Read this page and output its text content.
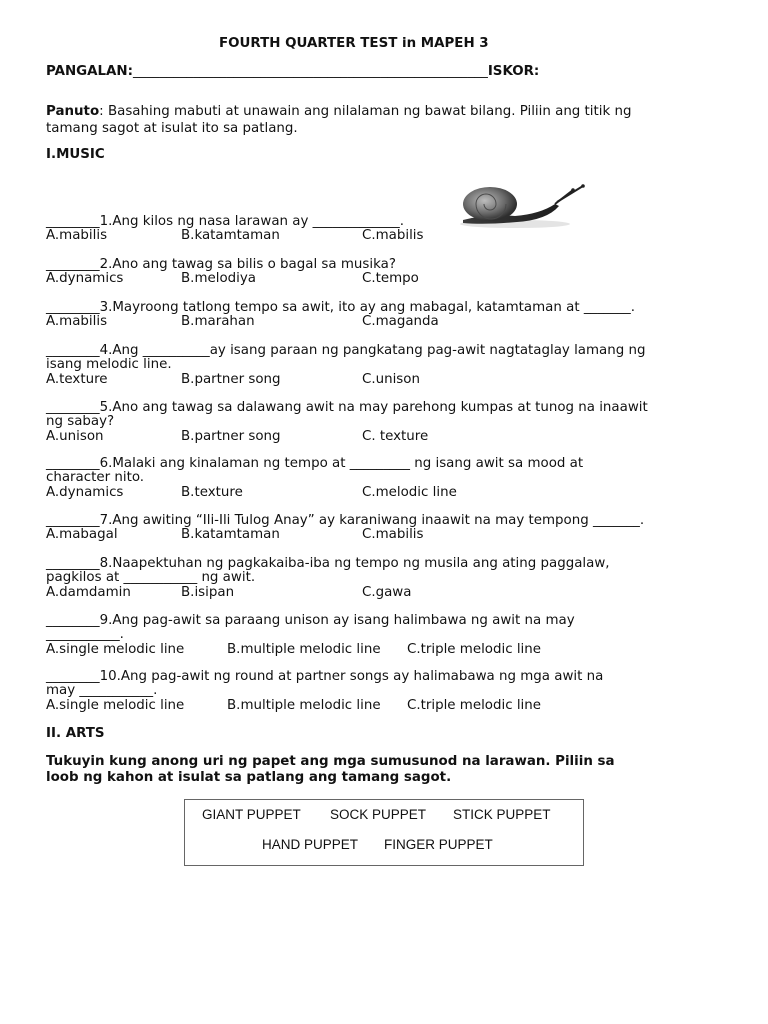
FOURTH QUARTER TEST in MAPEH 3
PANGALAN:_____________________________________________________ISKOR:
Panuto: Basahing mabuti at unawain ang nilalaman ng bawat bilang. Piliin ang titik ng
tamang sagot at isulat ito sa patlang.
I.MUSIC
________1.Ang kilos ng nasa larawan ay _____________.
A.mabilis	B.katamtaman	C.mabilis
________2.Ano ang tawag sa bilis o bagal sa musika?
A.dynamics	B.melodiya	C.tempo
________3.Mayroong tatlong tempo sa awit, ito ay ang mabagal, katamtaman at _______.
A.mabilis	B.marahan	C.maganda
________4.Ang __________ay isang paraan ng pangkatang pag-awit nagtataglay lamang ng
isang melodic line.
A.texture	B.partner song	C.unison
________5.Ano ang tawag sa dalawang awit na may parehong kumpas at tunog na inaawit
ng sabay?
A.unison	B.partner song	C. texture
________6.Malaki ang kinalaman ng tempo at _________ ng isang awit sa mood at
character nito.
A.dynamics	B.texture	C.melodic line
________7.Ang awiting “Ili-Ili Tulog Anay” ay karaniwang inaawit na may tempong _______.
A.mabagal	B.katamtaman	C.mabilis
________8.Naapektuhan ng pagkakaiba-iba ng tempo ng musila ang ating paggalaw,
pagkilos at ___________ ng awit.
A.damdamin	B.isipan	C.gawa
________9.Ang pag-awit sa paraang unison ay isang halimbawa ng awit na may
___________.
A.single melodic line	B.multiple melodic line C.triple melodic line
________10.Ang pag-awit ng round at partner songs ay halimabawa ng mga awit na
may ___________.
A.single melodic line	B.multiple melodic line C.triple melodic line
II. ARTS
Tukuyin kung anong uri ng papet ang mga sumusunod na larawan. Piliin sa
loob ng kahon at isulat sa patlang ang tamang sagot.
GIANT PUPPET SOCK PUPPET STICK PUPPET
HAND PUPPET FINGER PUPPET
